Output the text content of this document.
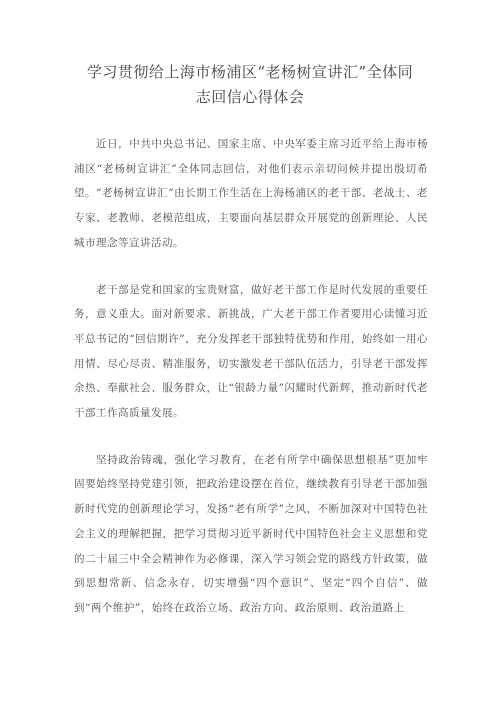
学习贯彻给上海市杨浦区“老杨树宣讲汇”全体同
志回信心得体会

近日，中共中央总书记、国家主席、中央军委主席习近平给上海市杨浦区“老杨树宣讲汇”全体同志回信，对他们表示亲切问候并提出殷切希望。“老杨树宣讲汇”由长期工作生活在上海杨浦区的老干部、老战士、老专家、老教师、老模范组成，主要面向基层群众开展党的创新理论、人民城市理念等宣讲活动。

老干部是党和国家的宝贵财富，做好老干部工作是时代发展的重要任务，意义重大。面对新要求、新挑战，广大老干部工作者要用心读懂习近平总书记的“回信期许”，充分发挥老干部独特优势和作用，始终如一用心用情、尽心尽责、精准服务，切实激发老干部队伍活力，引导老干部发挥余热、奉献社会、服务群众，让“银龄力量”闪耀时代新辉，推动新时代老干部工作高质量发展。

坚持政治铸魂，强化学习教育，在老有所学中确保思想根基”更加牢固要始终坚持党建引领，把政治建设摆在首位，继续教育引导老干部加强新时代党的创新理论学习，发扬“老有所学”之风，不断加深对中国特色社会主义的理解把握，把学习贯彻习近平新时代中国特色社会主义思想和党的二十届三中全会精神作为必修课，深入学习领会党的路线方针政策，做到思想常新、信念永存，切实增强“四个意识”、坚定“四个自信”、做到“两个维护”，始终在政治立场、政治方向、政治原则、政治道路上
